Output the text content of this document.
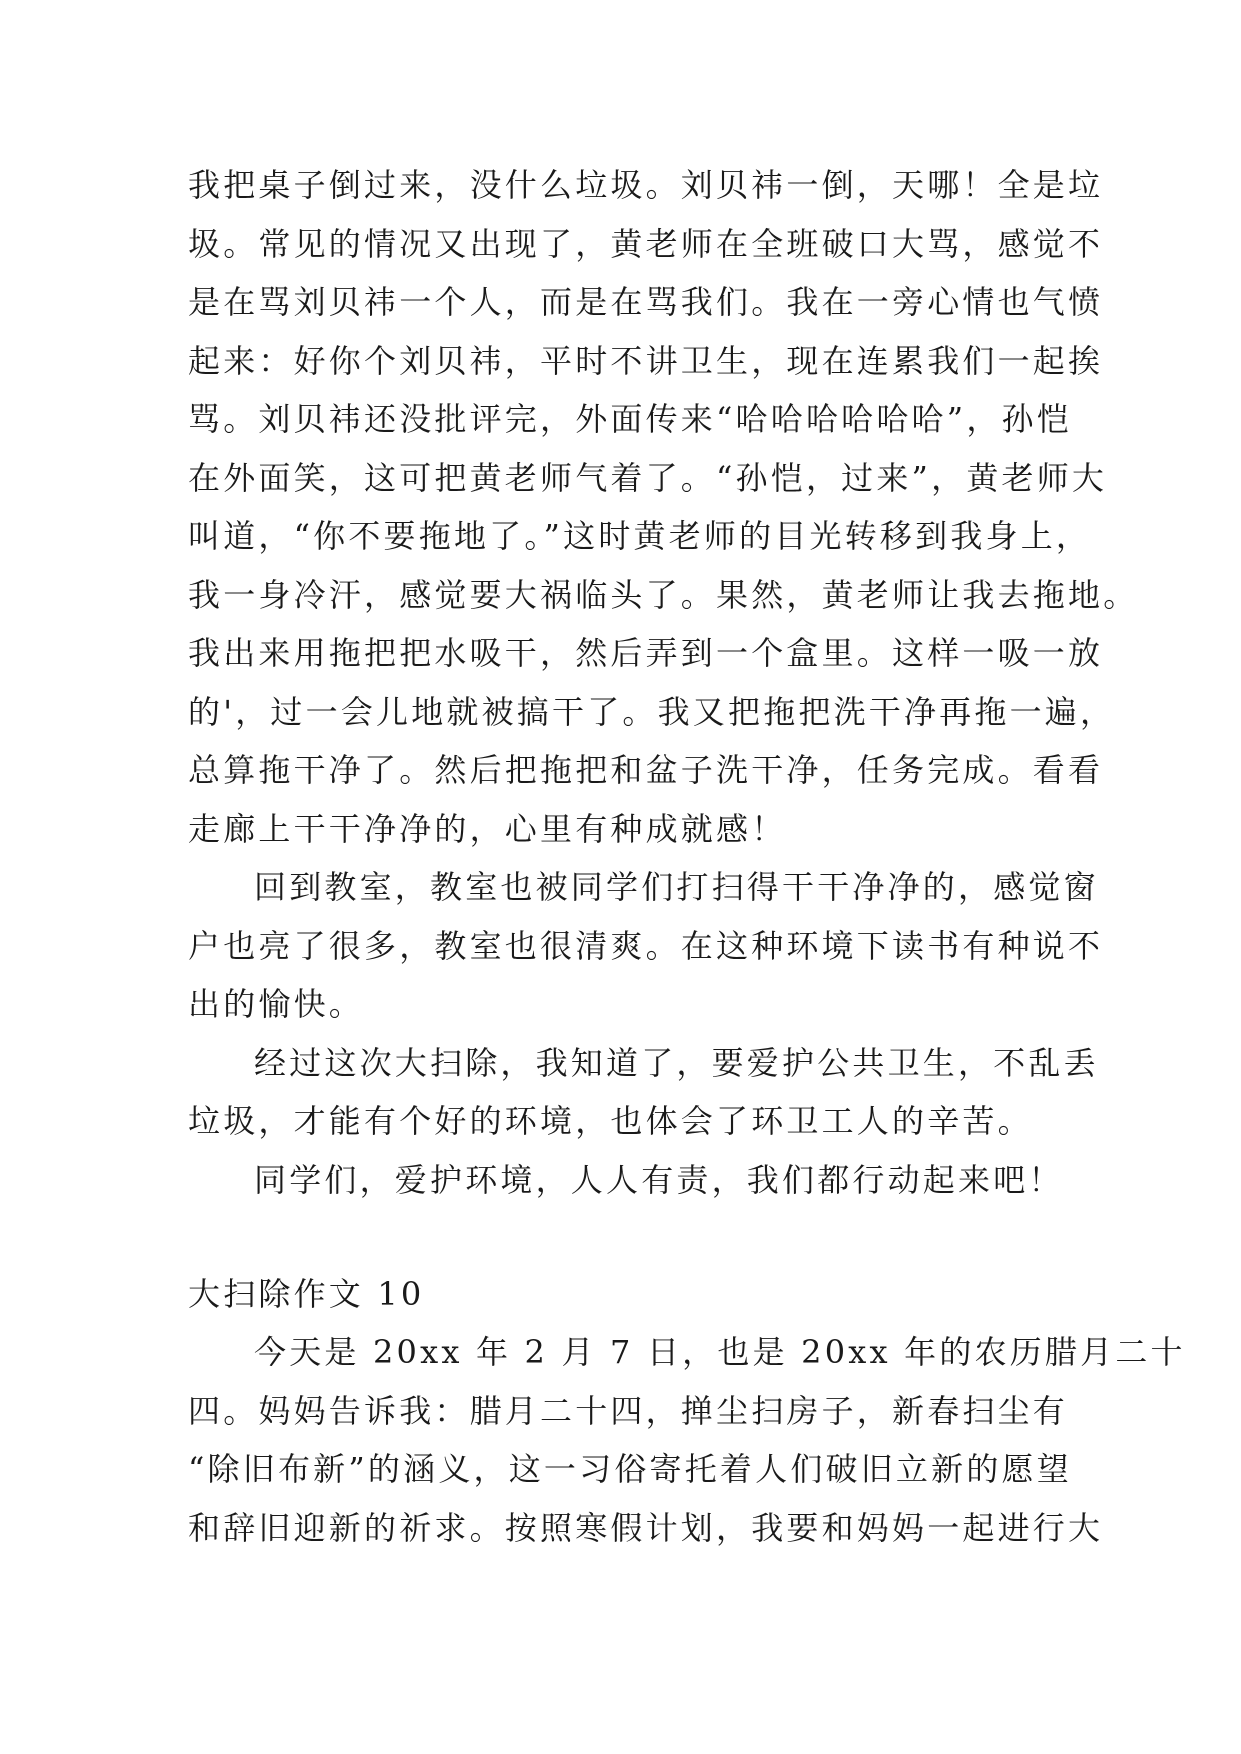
我把桌子倒过来，没什么垃圾。刘贝祎一倒，天哪！全是垃
圾。常见的情况又出现了，黄老师在全班破口大骂，感觉不
是在骂刘贝祎一个人，而是在骂我们。我在一旁心情也气愤
起来：好你个刘贝祎，平时不讲卫生，现在连累我们一起挨
骂。刘贝祎还没批评完，外面传来“哈哈哈哈哈哈”，孙恺
在外面笑，这可把黄老师气着了。“孙恺，过来”，黄老师大
叫道，“你不要拖地了。”这时黄老师的目光转移到我身上，
我一身冷汗，感觉要大祸临头了。果然，黄老师让我去拖地。
我出来用拖把把水吸干，然后弄到一个盒里。这样一吸一放
的'，过一会儿地就被搞干了。我又把拖把洗干净再拖一遍，
总算拖干净了。然后把拖把和盆子洗干净，任务完成。看看
走廊上干干净净的，心里有种成就感！
回到教室，教室也被同学们打扫得干干净净的，感觉窗
户也亮了很多，教室也很清爽。在这种环境下读书有种说不
出的愉快。
经过这次大扫除，我知道了，要爱护公共卫生，不乱丢
垃圾，才能有个好的环境，也体会了环卫工人的辛苦。
同学们，爱护环境，人人有责，我们都行动起来吧！
大扫除作文 10
今天是 20xx 年 2 月 7 日，也是 20xx 年的农历腊月二十
四。妈妈告诉我：腊月二十四，掸尘扫房子，新春扫尘有
“除旧布新”的涵义，这一习俗寄托着人们破旧立新的愿望
和辞旧迎新的祈求。按照寒假计划，我要和妈妈一起进行大
